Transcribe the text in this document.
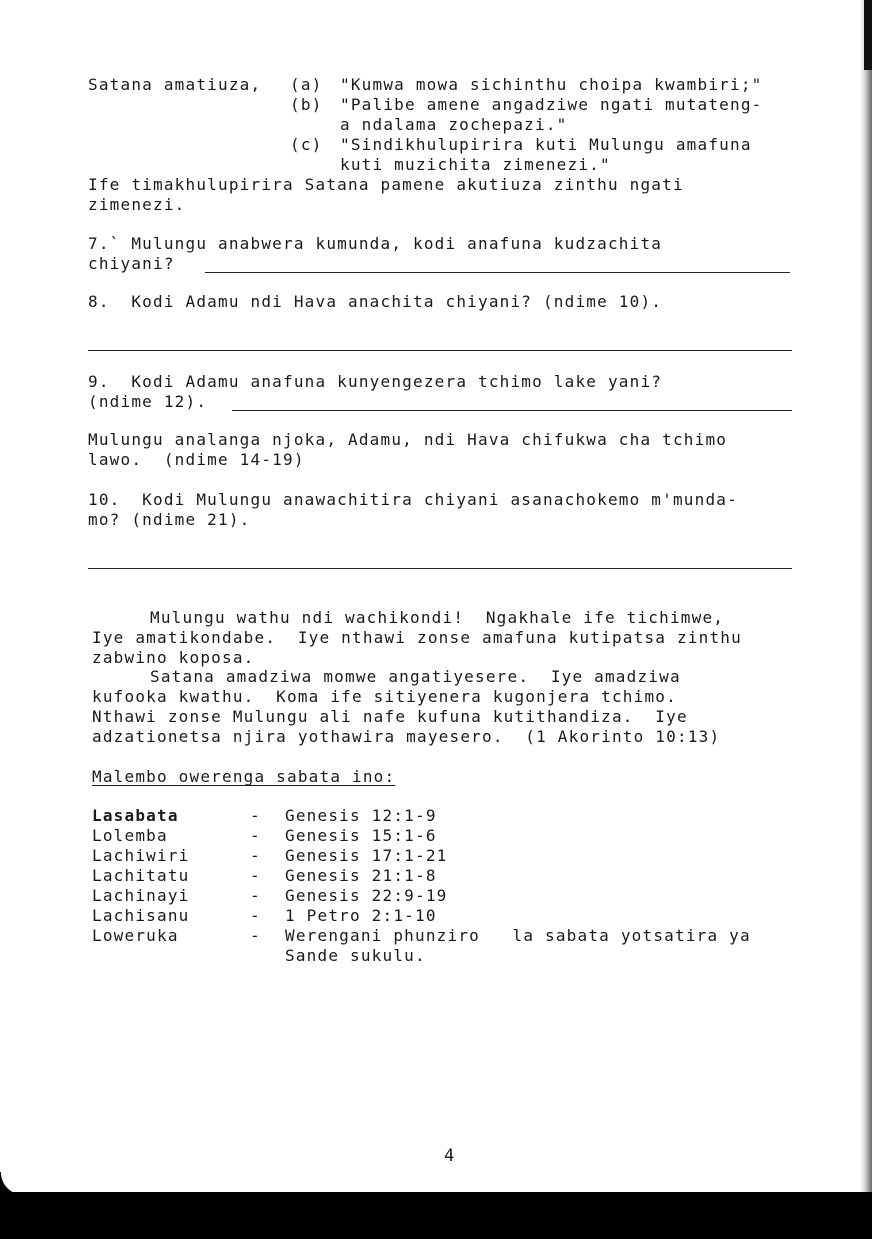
Satana amatiuza, (a) "Kumwa mowa sichinthu choipa kwambiri;"
(b) "Palibe amene angadziwe ngati mutateng-
a ndalama zochepazi."
(c) "Sindikhulupirira kuti Mulungu amafuna
kuti muzichita zimenezi."
Ife timakhulupirira Satana pamene akutiuza zinthu ngati
zimenezi.
7.` Mulungu anabwera kumunda, kodi anafuna kudzachita
chiyani?
8.  Kodi Adamu ndi Hava anachita chiyani? (ndime 10).
9.  Kodi Adamu anafuna kunyengezera tchimo lake yani?
(ndime 12).
Mulungu analanga njoka, Adamu, ndi Hava chifukwa cha tchimo
lawo.  (ndime 14-19)
10.  Kodi Mulungu anawachitira chiyani asanachokemo m'munda-
mo? (ndime 21).
Mulungu wathu ndi wachikondi!  Ngakhale ife tichimwe,
Iye amatikondabe.  Iye nthawi zonse amafuna kutipatsa zinthu
zabwino koposa.
Satana amadziwa momwe angatiyesere.  Iye amadziwa
kufooka kwathu.  Koma ife sitiyenera kugonjera tchimo.
Nthawi zonse Mulungu ali nafe kufuna kutithandiza.  Iye
adzationetsa njira yothawira mayesero.  (1 Akorinto 10:13)
Malembo owerenga sabata ino:
Lasabata	- Genesis 12:1-9
Lolemba	- Genesis 15:1-6
Lachiwiri	- Genesis 17:1-21
Lachitatu	- Genesis 21:1-8
Lachinayi	- Genesis 22:9-19
Lachisanu	- 1 Petro 2:1-10
Loweruka	- Werengani phunziro   la sabata yotsatira ya
Sande sukulu.
4
